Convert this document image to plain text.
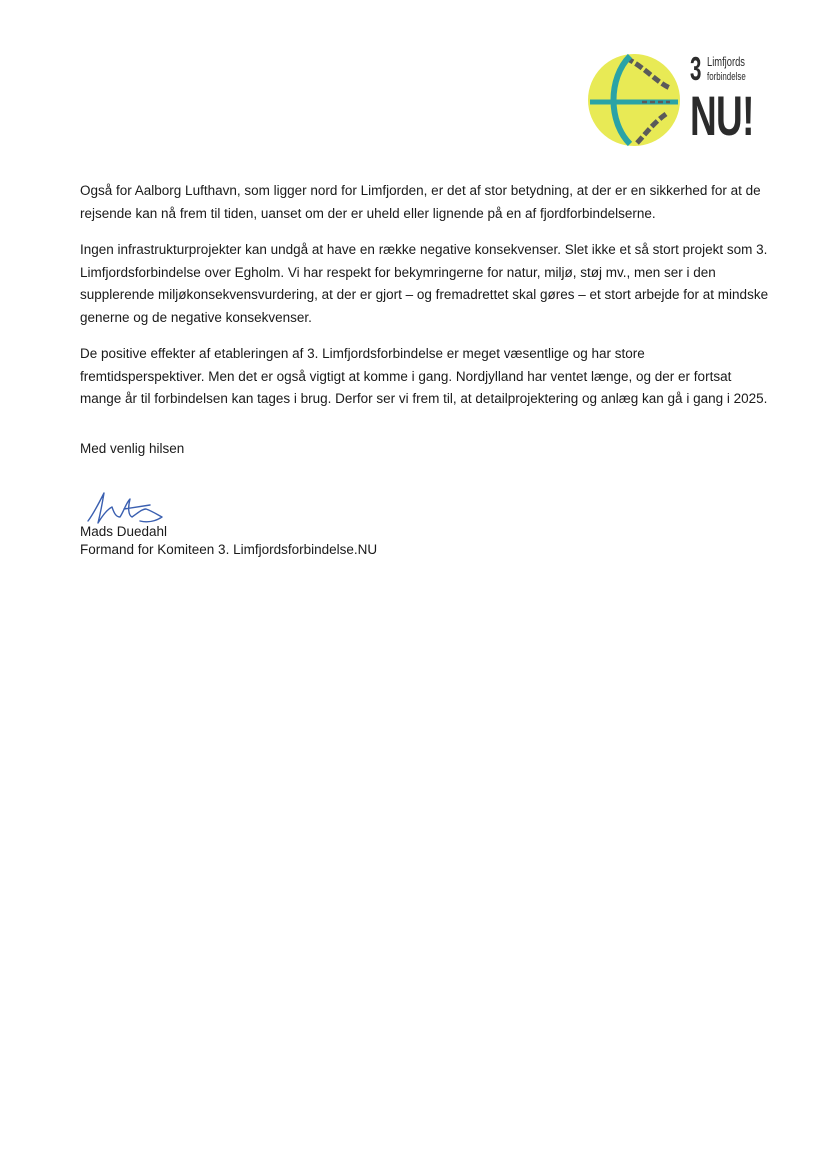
3 Limfjords
forbindelse
NU!

Også for Aalborg Lufthavn, som ligger nord for Limfjorden, er det af stor betydning, at der er en sikkerhed for at de rejsende kan nå frem til tiden, uanset om der er uheld eller lignende på en af fjordforbindelserne.

Ingen infrastrukturprojekter kan undgå at have en række negative konsekvenser. Slet ikke et så stort projekt som 3. Limfjordsforbindelse over Egholm. Vi har respekt for bekymringerne for natur, miljø, støj mv., men ser i den supplerende miljøkonsekvensvurdering, at der er gjort – og fremadrettet skal gøres – et stort arbejde for at mindske generne og de negative konsekvenser.

De positive effekter af etableringen af 3. Limfjordsforbindelse er meget væsentlige og har store fremtidsperspektiver. Men det er også vigtigt at komme i gang. Nordjylland har ventet længe, og der er fortsat mange år til forbindelsen kan tages i brug. Derfor ser vi frem til, at detailprojektering og anlæg kan gå i gang i 2025.

Med venlig hilsen
Mads Duedahl
Formand for Komiteen 3. Limfjordsforbindelse.NU
